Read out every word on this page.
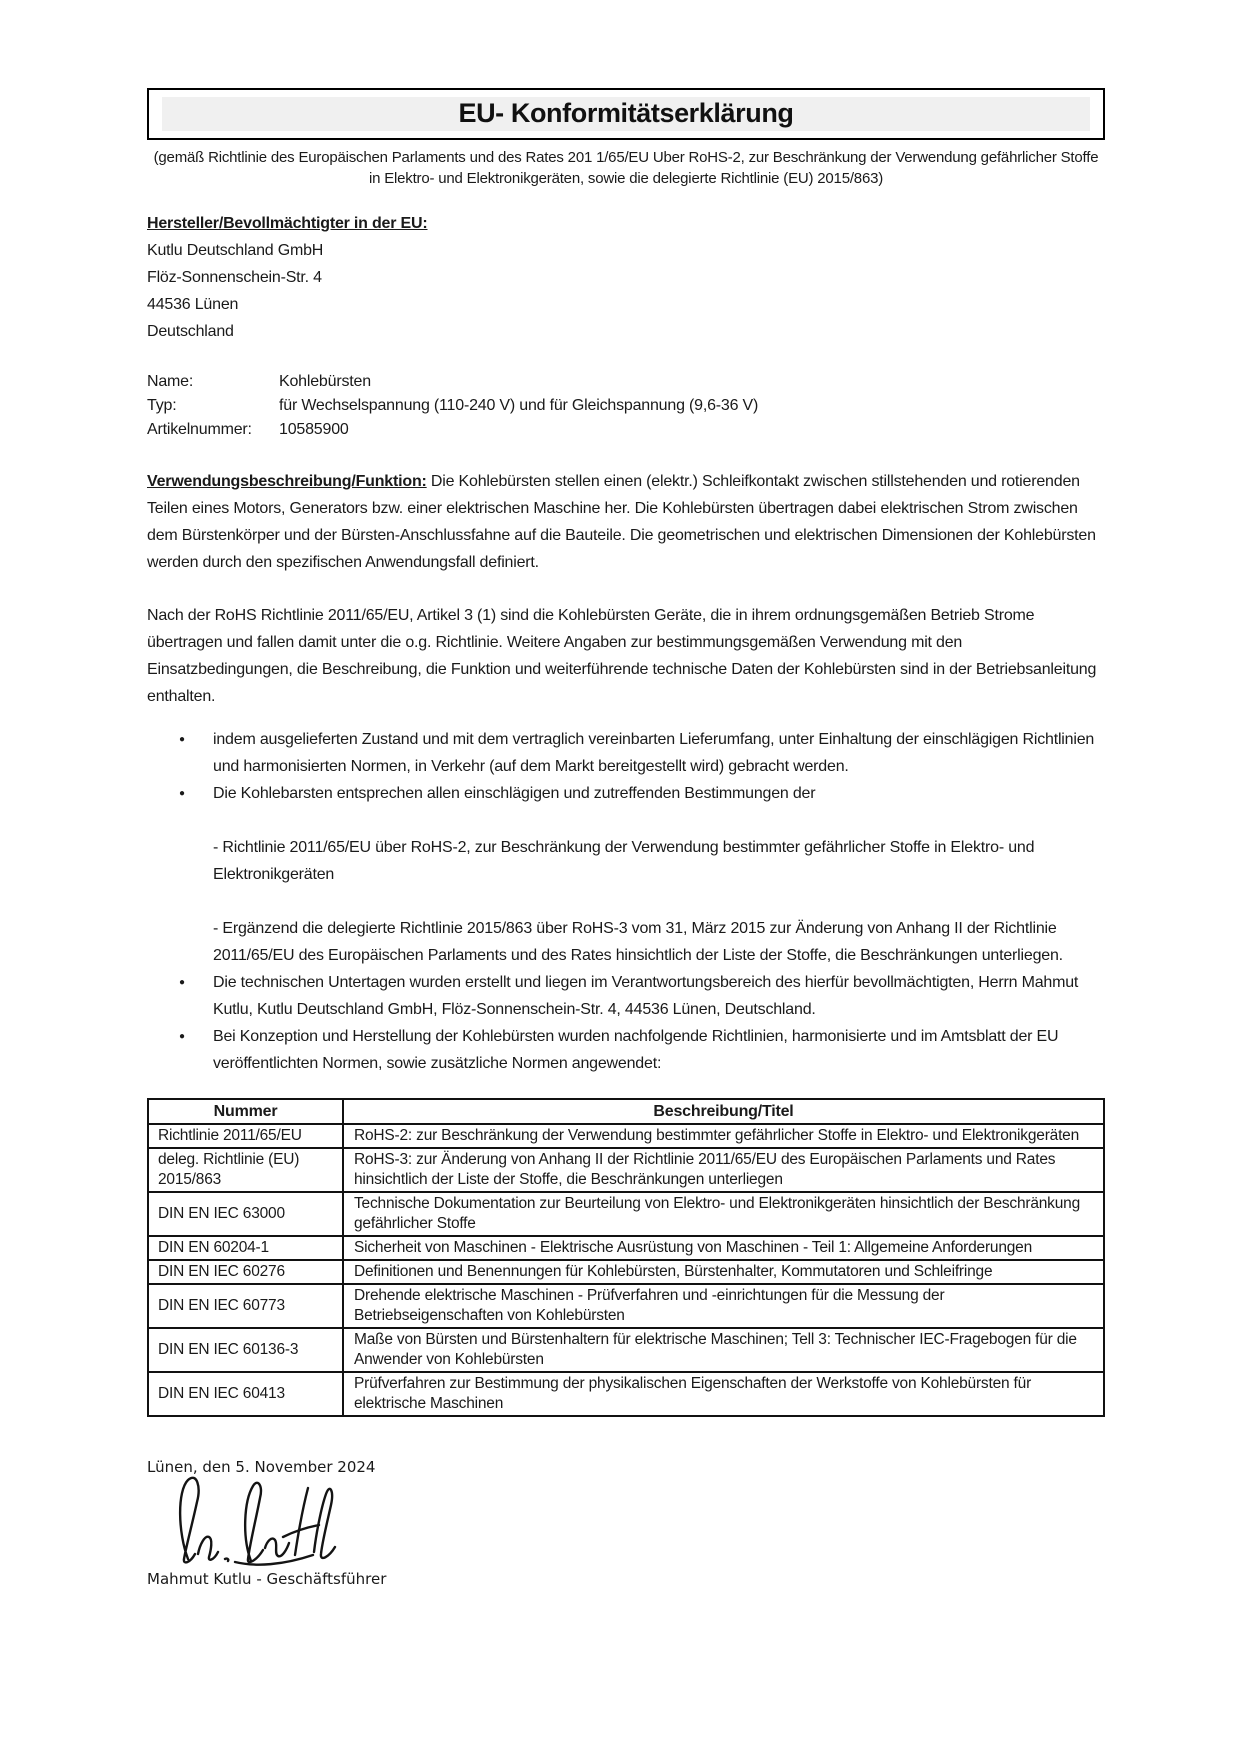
EU- Konformitätserklärung
(gemäß Richtlinie des Europäischen Parlaments und des Rates 201 1/65/EU Uber RoHS-2, zur Beschränkung der Verwendung gefährlicher Stoffe in Elektro- und Elektronikgeräten, sowie die delegierte Richtlinie (EU) 2015/863)
Hersteller/Bevollmächtigter in der EU:
Kutlu Deutschland GmbH
Flöz-Sonnenschein-Str. 4
44536 Lünen
Deutschland
Name:	Kohlebürsten
Typ:	für Wechselspannung (110-240 V) und für Gleichspannung (9,6-36 V)
Artikelnummer:	10585900

Verwendungsbeschreibung/Funktion: Die Kohlebürsten stellen einen (elektr.) Schleifkontakt zwischen stillstehenden und rotierenden Teilen eines Motors, Generators bzw. einer elektrischen Maschine her. Die Kohlebürsten übertragen dabei elektrischen Strom zwischen dem Bürstenkörper und der Bürsten-Anschlussfahne auf die Bauteile. Die geometrischen und elektrischen Dimensionen der Kohlebürsten werden durch den spezifischen Anwendungsfall definiert.

Nach der RoHS Richtlinie 2011/65/EU, Artikel 3 (1) sind die Kohlebürsten Geräte, die in ihrem ordnungsgemäßen Betrieb Strome übertragen und fallen damit unter die o.g. Richtlinie. Weitere Angaben zur bestimmungsgemäßen Verwendung mit den Einsatzbedingungen, die Beschreibung, die Funktion und weiterführende technische Daten der Kohlebürsten sind in der Betriebsanleitung enthalten.

●	indem ausgelieferten Zustand und mit dem vertraglich vereinbarten Lieferumfang, unter Einhaltung der einschlägigen Richtlinien und harmonisierten Normen, in Verkehr (auf dem Markt bereitgestellt wird) gebracht werden.
●	Die Kohlebarsten entsprechen allen einschlägigen und zutreffenden Bestimmungen der
- Richtlinie 2011/65/EU über RoHS-2, zur Beschränkung der Verwendung bestimmter gefährlicher Stoffe in Elektro- und Elektronikgeräten
- Ergänzend die delegierte Richtlinie 2015/863 über RoHS-3 vom 31, März 2015 zur Änderung von Anhang II der Richtlinie 2011/65/EU des Europäischen Parlaments und des Rates hinsichtlich der Liste der Stoffe, die Beschränkungen unterliegen.
●	Die technischen Untertagen wurden erstellt und liegen im Verantwortungsbereich des hierfür bevollmächtigten, Herrn Mahmut Kutlu, Kutlu Deutschland GmbH, Flöz-Sonnenschein-Str. 4, 44536 Lünen, Deutschland.
●	Bei Konzeption und Herstellung der Kohlebürsten wurden nachfolgende Richtlinien, harmonisierte und im Amtsblatt der EU veröffentlichten Normen, sowie zusätzliche Normen angewendet:
Nummer	Beschreibung/Titel
Richtlinie 2011/65/EU	RoHS-2: zur Beschränkung der Verwendung bestimmter gefährlicher Stoffe in Elektro- und Elektronikgeräten
deleg. Richtlinie (EU) 2015/863	RoHS-3: zur Änderung von Anhang II der Richtlinie 2011/65/EU des Europäischen Parlaments und Rates hinsichtlich der Liste der Stoffe, die Beschränkungen unterliegen
DIN EN IEC 63000	Technische Dokumentation zur Beurteilung von Elektro- und Elektronikgeräten hinsichtlich der Beschränkung gefährlicher Stoffe
DIN EN 60204-1	Sicherheit von Maschinen - Elektrische Ausrüstung von Maschinen - Teil 1: Allgemeine Anforderungen
DIN EN IEC 60276	Definitionen und Benennungen für Kohlebürsten, Bürstenhalter, Kommutatoren und Schleifringe
DIN EN IEC 60773	Drehende elektrische Maschinen - Prüfverfahren und -einrichtungen für die Messung der Betriebseigenschaften von Kohlebürsten
DIN EN IEC 60136-3	Maße von Bürsten und Bürstenhaltern für elektrische Maschinen; Tell 3: Technischer IEC-Fragebogen für die Anwender von Kohlebürsten
DIN EN IEC 60413	Prüfverfahren zur Bestimmung der physikalischen Eigenschaften der Werkstoffe von Kohlebürsten für elektrische Maschinen
Lünen, den 5. November 2024
Mahmut Kutlu - Geschäftsführer
